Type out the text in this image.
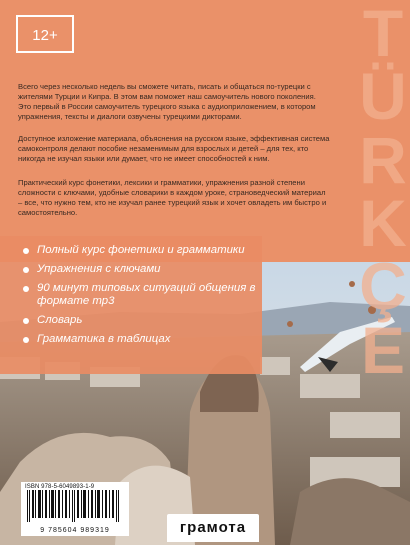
T
Ü
R
K
Ç
E
12+

Всего через несколько недель вы сможете читать, писать и общаться по-турецки с жителями Турции и Кипра. В этом вам поможет наш самоучитель нового поколения. Это первый в России самоучитель турецкого языка с аудиоприложением, в котором упражнения, тексты и диалоги озвучены турецкими дикторами.

Доступное изложение материала, объяснения на русском языке, эффективная система самоконтроля делают пособие незаменимым для взрослых и детей – для тех, кто никогда не изучал языки или думает, что не имеет способностей к ним.

Практический курс фонетики, лексики и грамматики, упражнения разной степени сложности с ключами, удобные словарики в каждом уроке, страноведческий материал – все, что нужно тем, кто не изучал ранее турецкий язык и хочет овладеть им быстро и самостоятельно.

Полный курс фонетики и грамматики
Упражнения с ключами
90 минут типовых ситуаций общения в формате mp3
Словарь
Грамматика в таблицах
ISBN 978-5-6049893-1-9
9 785604 989319	грамота
